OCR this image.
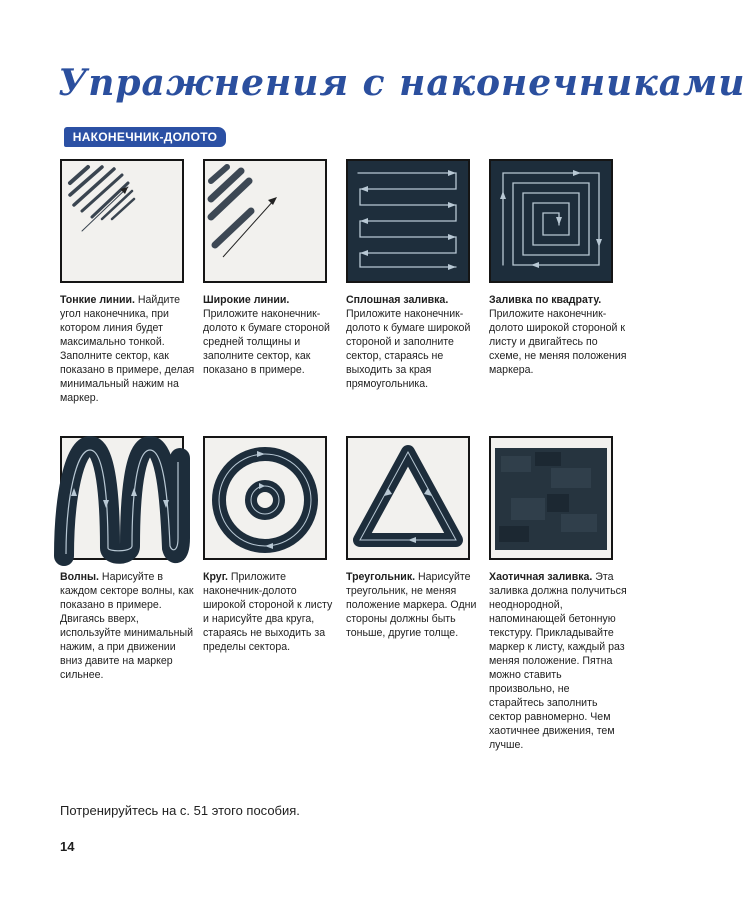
Упражнения с наконечниками
НАКОНЕЧНИК-ДОЛОТО
Тонкие линии. Найдите угол наконечника, при котором линия будет максимально тонкой. Заполните сектор, как показано в примере, делая минимальный нажим на маркер.
Широкие линии. Приложите наконечник-долото к бумаге стороной средней толщины и заполните сектор, как показано в примере.
Сплошная заливка. Приложите наконечник-долото к бумаге широкой стороной и заполните сектор, стараясь не выходить за края прямоугольника.
Заливка по квадрату. Приложите наконечник-долото широкой стороной к листу и двигайтесь по схеме, не меняя положения маркера.
Волны. Нарисуйте в каждом секторе волны, как показано в примере. Двигаясь вверх, используйте минимальный нажим, а при движении вниз давите на маркер сильнее.
Круг. Приложите наконечник-долото широкой стороной к листу и нарисуйте два круга, стараясь не выходить за пределы сектора.
Треугольник. Нарисуйте треугольник, не меняя положение маркера. Одни стороны должны быть тоньше, другие толще.
Хаотичная заливка. Эта заливка должна получиться неоднородной, напоминающей бетонную текстуру. Прикладывайте маркер к листу, каждый раз меняя положение. Пятна можно ставить произвольно, не старайтесь заполнить сектор равномерно. Чем хаотичнее движения, тем лучше.
Потренируйтесь на с. 51 этого пособия.
14
